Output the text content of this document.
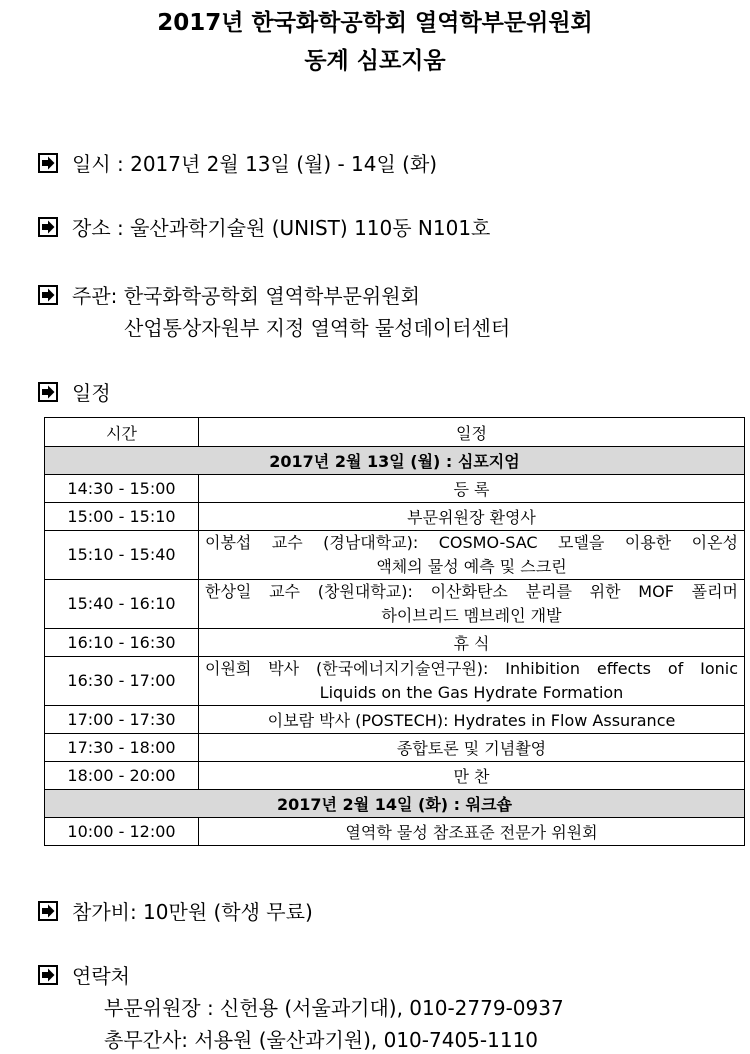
2017년 한국화학공학회 열역학부문위원회
동계 심포지움
일시 : 2017년 2월 13일 (월) - 14일 (화)
장소 : 울산과학기술원 (UNIST) 110동 N101호
주관: 한국화학공학회 열역학부문위원회
산업통상자원부 지정 열역학 물성데이터센터
일정
시간	일정
2017년 2월 13일 (월) : 심포지엄	
14:30 - 15:00	등 록
15:00 - 15:10	부문위원장 환영사
15:10 - 15:40	이봉섭 교수 (경남대학교): COSMO-SAC 모델을 이용한 이온성
액체의 물성 예측 및 스크린

15:40 - 16:10	한상일 교수 (창원대학교): 이산화탄소 분리를 위한 MOF 폴리머
하이브리드 멤브레인 개발

16:10 - 16:30	휴 식
16:30 - 17:00	이원희 박사 (한국에너지기술연구원): Inhibition effects of Ionic
Liquids on the Gas Hydrate Formation

17:00 - 17:30	이보람 박사 (POSTECH): Hydrates in Flow Assurance
17:30 - 18:00	종합토론 및 기념촬영
18:00 - 20:00	만 찬
2017년 2월 14일 (화) : 워크숍	
10:00 - 12:00	열역학 물성 참조표준 전문가 위원회
참가비: 10만원 (학생 무료)
연락처
부문위원장 : 신헌용 (서울과기대), 010-2779-0937
총무간사: 서용원 (울산과기원), 010-7405-1110
